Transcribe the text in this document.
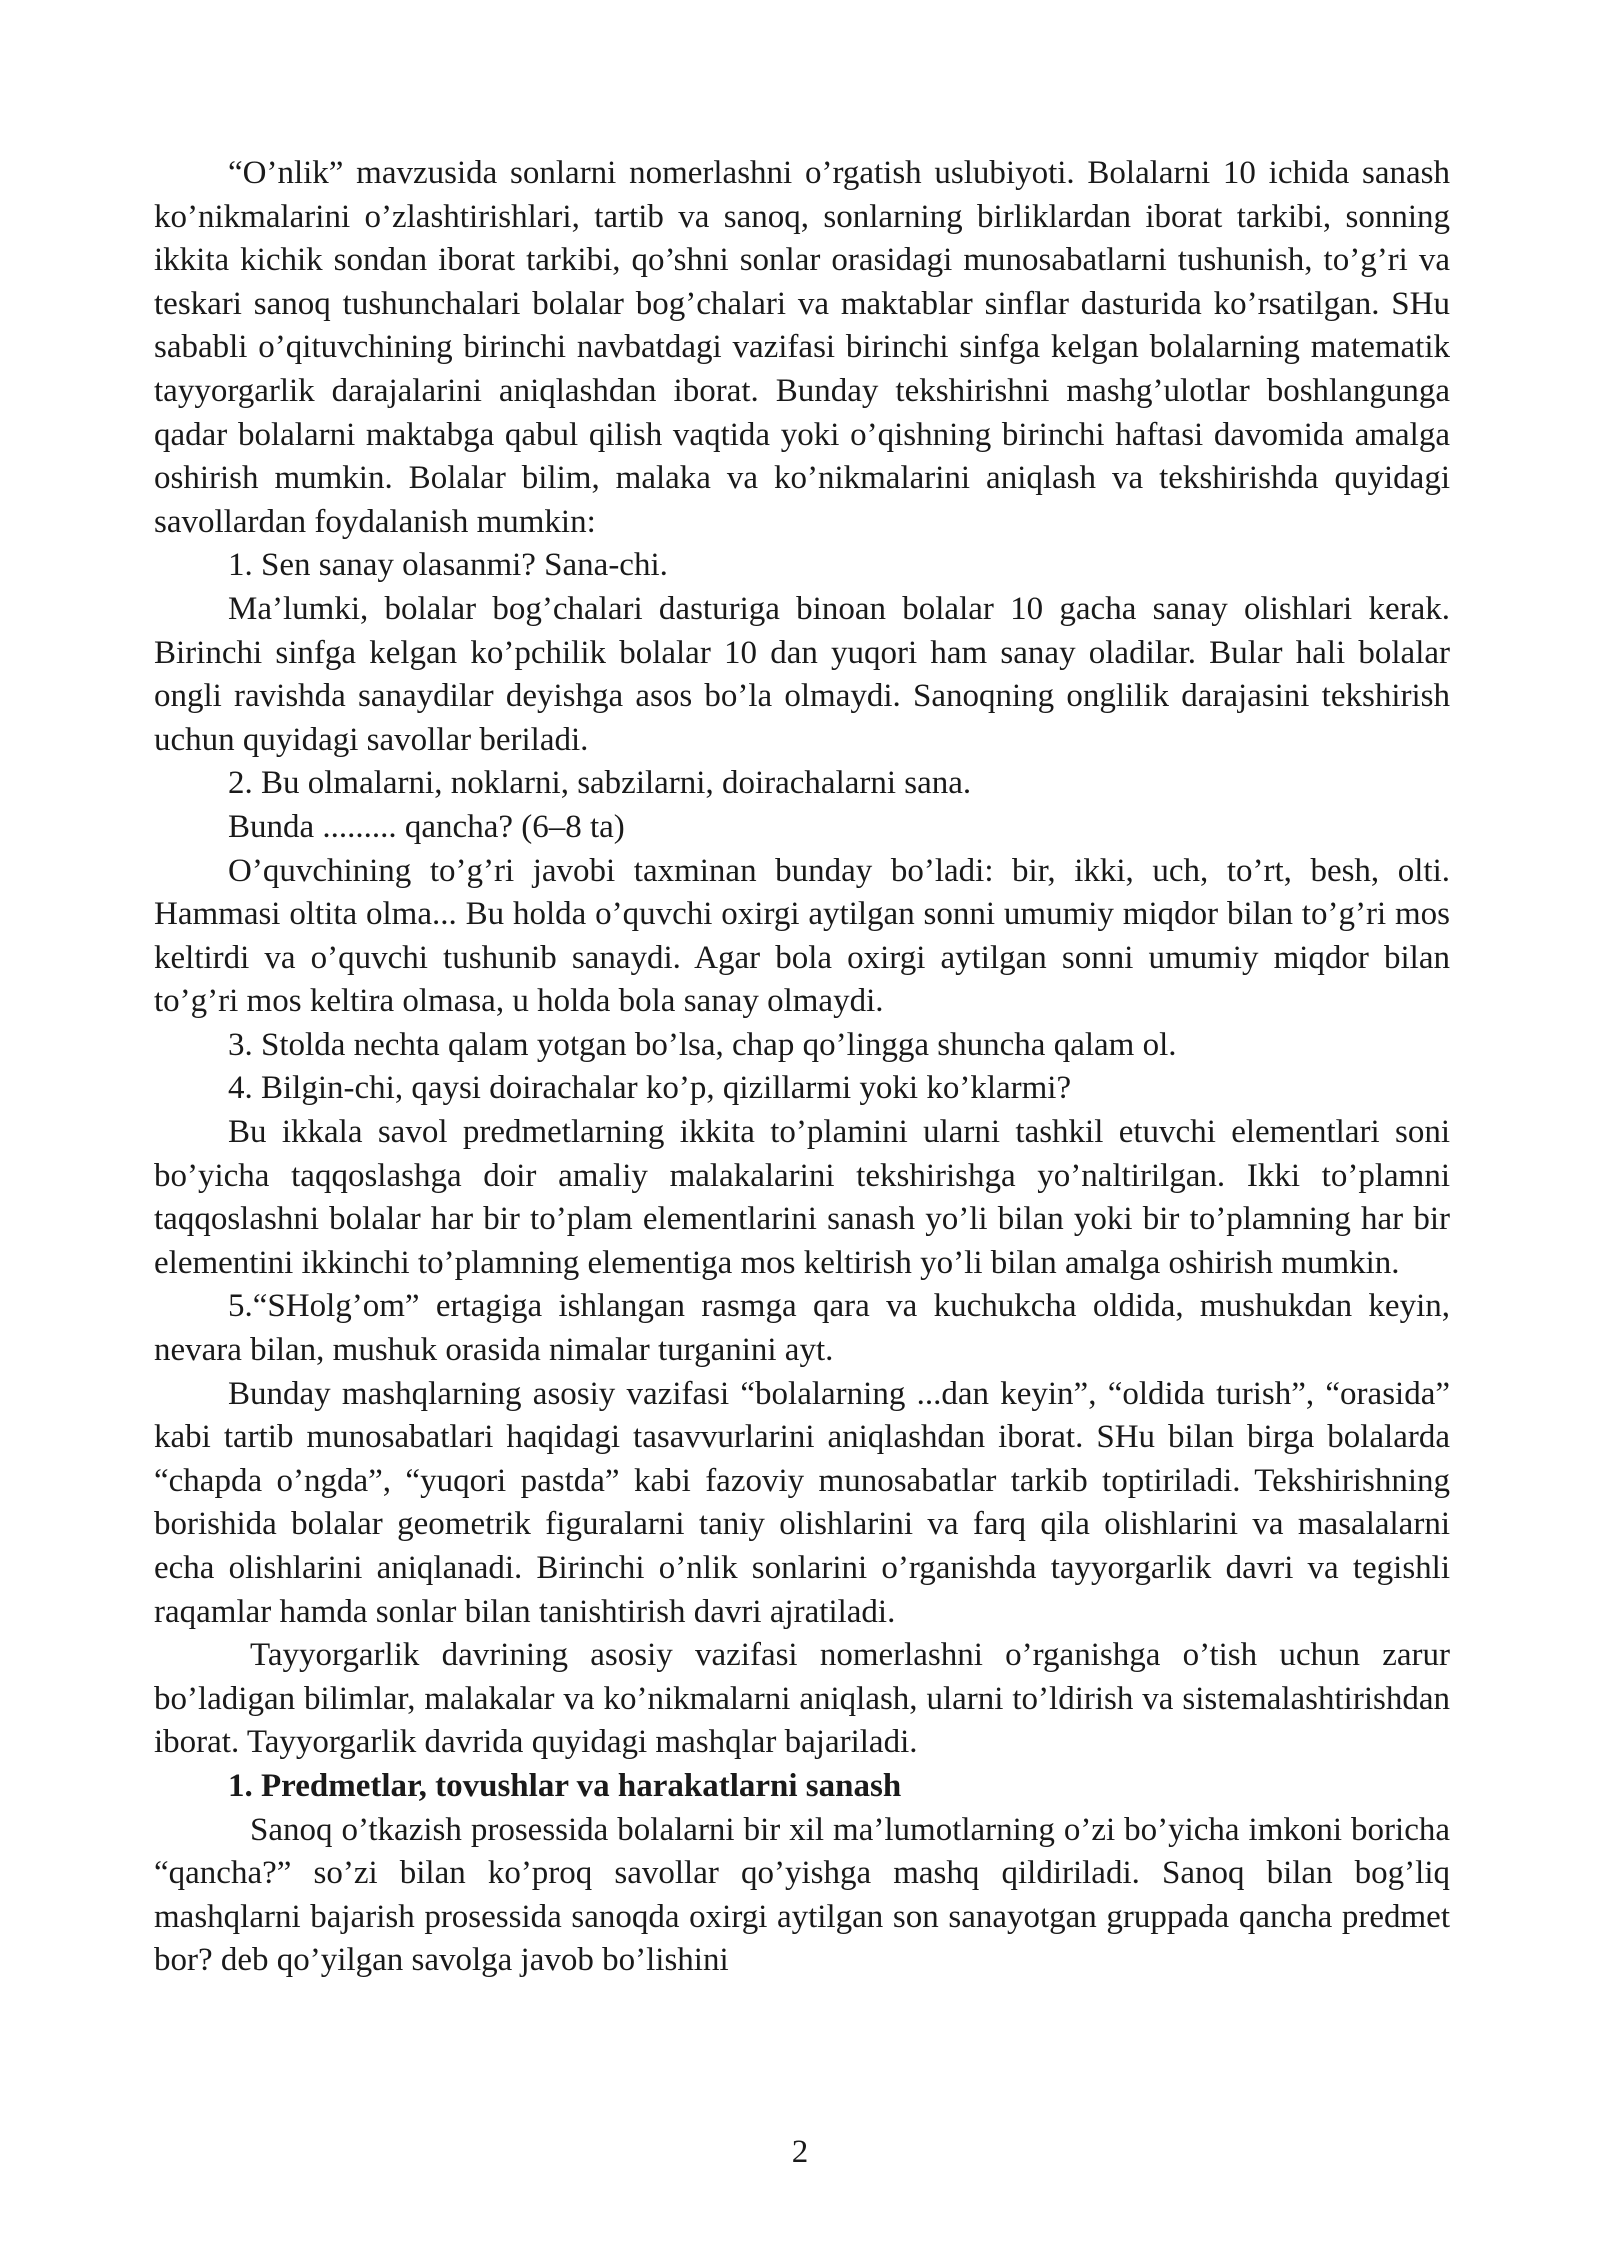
“O’nlik” mavzusida sonlarni nomerlashni o’rgatish uslubiyoti. Bolalarni 10 ichida sanash ko’nikmalarini o’zlashtirishlari, tartib va sanoq, sonlarning birliklardan iborat tarkibi, sonning ikkita kichik sondan iborat tarkibi, qo’shni sonlar orasidagi munosabatlarni tushunish, to’g’ri va teskari sanoq tushunchalari bolalar bog’chalari va maktablar sinflar dasturida ko’rsatilgan. SHu sababli o’qituvchining birinchi navbatdagi vazifasi birinchi sinfga kelgan bolalarning matematik tayyorgarlik darajalarini aniqlashdan iborat. Bunday tekshirishni mashg’ulotlar boshlangunga qadar bolalarni maktabga qabul qilish vaqtida yoki o’qishning birinchi haftasi davomida amalga oshirish mumkin. Bolalar bilim, malaka va ko’nikmalarini aniqlash va tekshirishda quyidagi savollardan foydalanish mumkin:

1. Sen sanay olasanmi? Sana-chi.

Ma’lumki, bolalar bog’chalari dasturiga binoan bolalar 10 gacha sanay olishlari kerak. Birinchi sinfga kelgan ko’pchilik bolalar 10 dan yuqori ham sanay oladilar. Bular hali bolalar ongli ravishda sanaydilar deyishga asos bo’la olmaydi. Sanoqning onglilik darajasini tekshirish uchun quyidagi savollar beriladi.

2. Bu olmalarni, noklarni, sabzilarni, doirachalarni sana.

Bunda ......... qancha? (6–8 ta)

O’quvchining to’g’ri javobi taxminan bunday bo’ladi: bir, ikki, uch, to’rt, besh, olti. Hammasi oltita olma... Bu holda o’quvchi oxirgi aytilgan sonni umumiy miqdor bilan to’g’ri mos keltirdi va o’quvchi tushunib sanaydi. Agar bola oxirgi aytilgan sonni umumiy miqdor bilan to’g’ri mos keltira olmasa, u holda bola sanay olmaydi.

3. Stolda nechta qalam yotgan bo’lsa, chap qo’lingga shuncha qalam ol.

4. Bilgin-chi, qaysi doirachalar ko’p, qizillarmi yoki ko’klarmi?

Bu ikkala savol predmetlarning ikkita to’plamini ularni tashkil etuvchi elementlari soni bo’yicha taqqoslashga doir amaliy malakalarini tekshirishga yo’naltirilgan. Ikki to’plamni taqqoslashni bolalar har bir to’plam elementlarini sanash yo’li bilan yoki bir to’plamning har bir elementini ikkinchi to’plamning elementiga mos keltirish yo’li bilan amalga oshirish mumkin.

5.“SHolg’om” ertagiga ishlangan rasmga qara va kuchukcha oldida, mushukdan keyin, nevara bilan, mushuk orasida nimalar turganini ayt.

Bunday mashqlarning asosiy vazifasi “bolalarning ...dan keyin”, “oldida turish”, “orasida” kabi tartib munosabatlari haqidagi tasavvurlarini aniqlashdan iborat. SHu bilan birga bolalarda “chapda o’ngda”, “yuqori pastda” kabi fazoviy munosabatlar tarkib toptiriladi. Tekshirishning borishida bolalar geometrik figuralarni taniy olishlarini va farq qila olishlarini va masalalarni echa olishlarini aniqlanadi. Birinchi o’nlik sonlarini o’rganishda tayyorgarlik davri va tegishli raqamlar hamda sonlar bilan tanishtirish davri ajratiladi.

Tayyorgarlik davrining asosiy vazifasi nomerlashni o’rganishga o’tish uchun zarur bo’ladigan bilimlar, malakalar va ko’nikmalarni aniqlash, ularni to’ldirish va sistemalashtirishdan iborat. Tayyorgarlik davrida quyidagi mashqlar bajariladi.

1. Predmetlar, tovushlar va harakatlarni sanash

Sanoq o’tkazish prosessida bolalarni bir xil ma’lumotlarning o’zi bo’yicha imkoni boricha “qancha?” so’zi bilan ko’proq savollar qo’yishga mashq qildiriladi. Sanoq bilan bog’liq mashqlarni bajarish prosessida sanoqda oxirgi aytilgan son sanayotgan gruppada qancha predmet bor? deb qo’yilgan savolga javob bo’lishini

2
